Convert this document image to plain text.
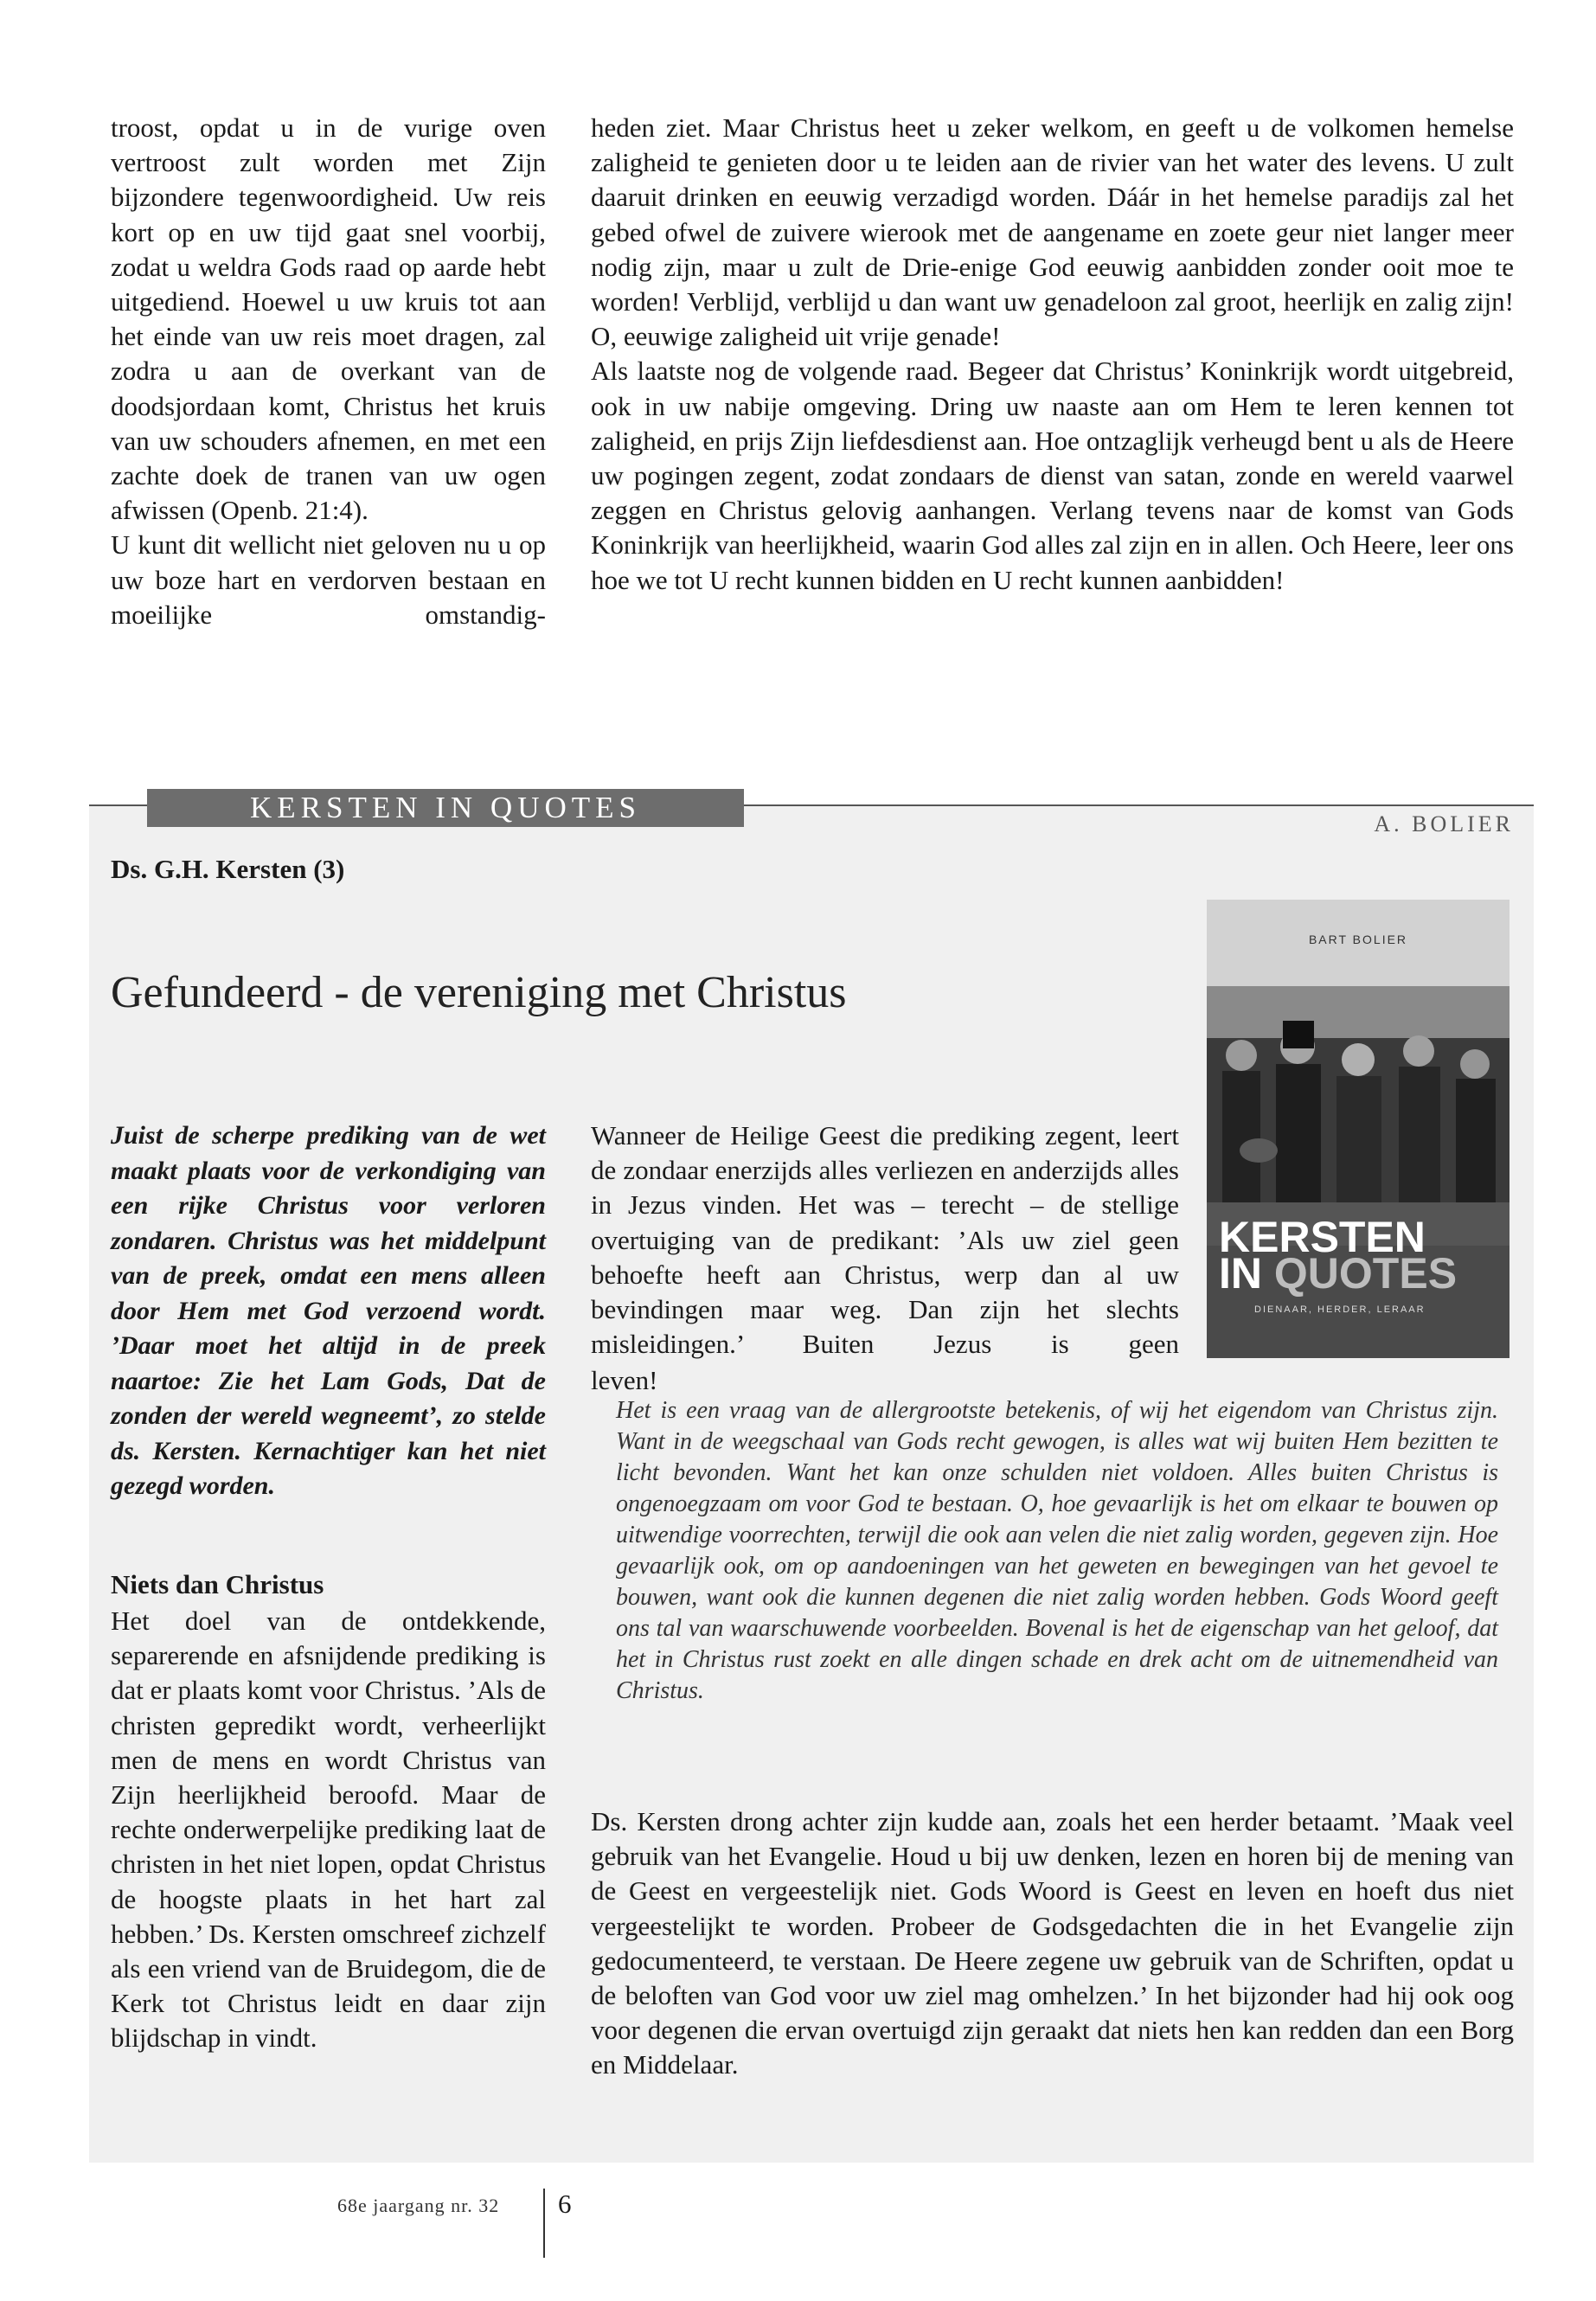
troost, opdat u in de vurige oven vertroost zult worden met Zijn bijzondere tegenwoordigheid. Uw reis kort op en uw tijd gaat snel voorbij, zodat u weldra Gods raad op aarde hebt uitgediend. Hoewel u uw kruis tot aan het einde van uw reis moet dragen, zal zodra u aan de overkant van de doodsjordaan komt, Christus het kruis van uw schouders afnemen, en met een zachte doek de tranen van uw ogen afwissen (Openb. 21:4).

U kunt dit wellicht niet geloven nu u op uw boze hart en verdorven bestaan en moeilijke omstandig-

heden ziet. Maar Christus heet u zeker welkom, en geeft u de volkomen hemelse zaligheid te genieten door u te leiden aan de rivier van het water des levens. U zult daaruit drinken en eeuwig verzadigd worden. Dáár in het hemelse paradijs zal het gebed ofwel de zuivere wierook met de aangename en zoete geur niet langer meer nodig zijn, maar u zult de Drie-enige God eeuwig aanbidden zonder ooit moe te worden! Verblijd, verblijd u dan want uw genadeloon zal groot, heerlijk en zalig zijn! O, eeuwige zaligheid uit vrije genade!

Als laatste nog de volgende raad. Begeer dat Christus’ Koninkrijk wordt uitgebreid, ook in uw nabije omgeving. Dring uw naaste aan om Hem te leren kennen tot zaligheid, en prijs Zijn liefdesdienst aan. Hoe ontzaglijk verheugd bent u als de Heere uw pogingen zegent, zodat zondaars de dienst van satan, zonde en wereld vaarwel zeggen en Christus gelovig aanhangen. Verlang tevens naar de komst van Gods Koninkrijk van heerlijkheid, waarin God alles zal zijn en in allen. Och Heere, leer ons hoe we tot U recht kunnen bidden en U recht kunnen aanbidden!

KERSTEN IN QUOTES	A. BOLIER
Ds. G.H. Kersten (3)
Gefundeerd - de vereniging met Christus
BART BOLIER
KERSTEN
IN QUOTES
DIENAAR, HERDER, LERAAR

Juist de scherpe prediking van de wet maakt plaats voor de verkondiging van een rijke Christus voor verloren zondaren. Christus was het middelpunt van de preek, omdat een mens alleen door Hem met God verzoend wordt. ’Daar moet het altijd in de preek naartoe: Zie het Lam Gods, Dat de zonden der wereld wegneemt’, zo stelde ds. Kersten. Kernachtiger kan het niet gezegd worden.

Niets dan Christus

Het doel van de ontdekkende, separerende en afsnijdende prediking is dat er plaats komt voor Christus. ’Als de christen gepredikt wordt, verheerlijkt men de mens en wordt Christus van Zijn heerlijkheid beroofd. Maar de rechte onderwerpelijke prediking laat de christen in het niet lopen, opdat Christus de hoogste plaats in het hart zal hebben.’ Ds. Kersten omschreef zichzelf als een vriend van de Bruidegom, die de Kerk tot Christus leidt en daar zijn blijdschap in vindt.

Wanneer de Heilige Geest die prediking zegent, leert de zondaar enerzijds alles verliezen en anderzijds alles in Jezus vinden. Het was – terecht – de stellige overtuiging van de predikant: ’Als uw ziel geen behoefte heeft aan Christus, werp dan al uw bevindingen maar weg. Dan zijn het slechts misleidingen.’ Buiten Jezus is geen

leven!

Het is een vraag van de allergrootste betekenis, of wij het eigendom van Christus zijn. Want in de weegschaal van Gods recht gewogen, is alles wat wij buiten Hem bezitten te licht bevonden. Want het kan onze schulden niet voldoen. Alles buiten Christus is ongenoegzaam om voor God te bestaan. O, hoe gevaarlijk is het om elkaar te bouwen op uitwendige voorrechten, terwijl die ook aan velen die niet zalig worden, gegeven zijn. Hoe gevaarlijk ook, om op aandoeningen van het geweten en bewegingen van het gevoel te bouwen, want ook die kunnen degenen die niet zalig worden hebben. Gods Woord geeft ons tal van waarschuwende voorbeelden. Bovenal is het de eigenschap van het geloof, dat het in Christus rust zoekt en alle dingen schade en drek acht om de uitnemendheid van Christus.

Ds. Kersten drong achter zijn kudde aan, zoals het een herder betaamt. ’Maak veel gebruik van het Evangelie. Houd u bij uw denken, lezen en horen bij de mening van de Geest en vergeestelijk niet. Gods Woord is Geest en leven en hoeft dus niet vergeestelijkt te worden. Probeer de Godsgedachten die in het Evangelie zijn gedocumenteerd, te verstaan. De Heere zegene uw gebruik van de Schriften, opdat u de beloften van God voor uw ziel mag omhelzen.’ In het bijzonder had hij ook oog voor degenen die ervan overtuigd zijn geraakt dat niets hen kan redden dan een Borg en Middelaar.

68e jaargang nr. 32 6
